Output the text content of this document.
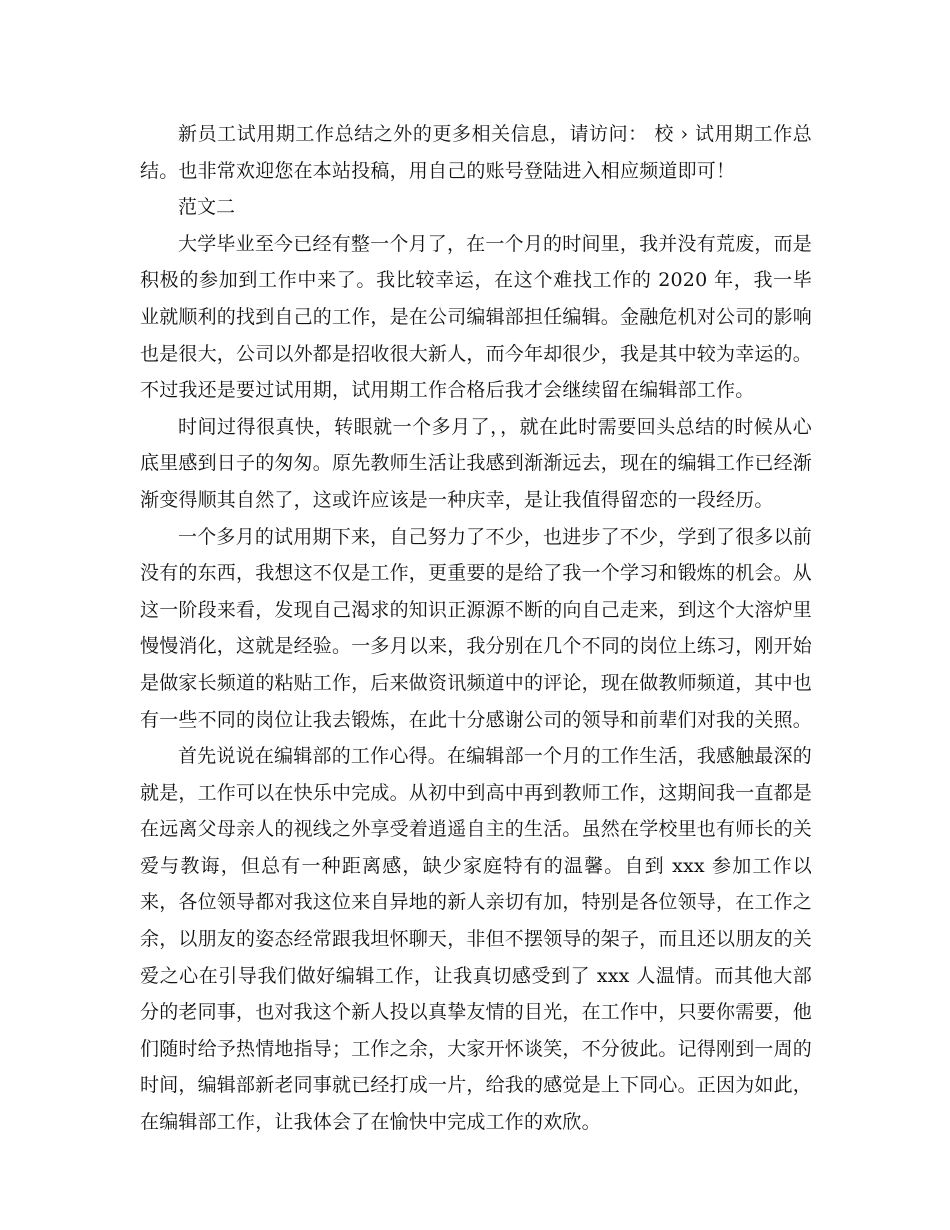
新员工试用期工作总结之外的更多相关信息，请访问： 校 › 试用期工作总结。也非常欢迎您在本站投稿，用自己的账号登陆进入相应频道即可！

范文二

大学毕业至今已经有整一个月了，在一个月的时间里，我并没有荒废，而是积极的参加到工作中来了。我比较幸运，在这个难找工作的 2020 年，我一毕业就顺利的找到自己的工作，是在公司编辑部担任编辑。金融危机对公司的影响也是很大，公司以外都是招收很大新人，而今年却很少，我是其中较为幸运的。不过我还是要过试用期，试用期工作合格后我才会继续留在编辑部工作。

时间过得很真快，转眼就一个多月了，，就在此时需要回头总结的时候从心底里感到日子的匆匆。原先教师生活让我感到渐渐远去，现在的编辑工作已经渐渐变得顺其自然了，这或许应该是一种庆幸，是让我值得留恋的一段经历。

一个多月的试用期下来，自己努力了不少，也进步了不少，学到了很多以前没有的东西，我想这不仅是工作，更重要的是给了我一个学习和锻炼的机会。从这一阶段来看，发现自己渴求的知识正源源不断的向自己走来，到这个大溶炉里慢慢消化，这就是经验。一多月以来，我分别在几个不同的岗位上练习，刚开始是做家长频道的粘贴工作，后来做资讯频道中的评论，现在做教师频道，其中也有一些不同的岗位让我去锻炼，在此十分感谢公司的领导和前辈们对我的关照。

首先说说在编辑部的工作心得。在编辑部一个月的工作生活，我感触最深的就是，工作可以在快乐中完成。从初中到高中再到教师工作，这期间我一直都是在远离父母亲人的视线之外享受着逍遥自主的生活。虽然在学校里也有师长的关爱与教诲，但总有一种距离感，缺少家庭特有的温馨。自到 xxx 参加工作以来，各位领导都对我这位来自异地的新人亲切有加，特别是各位领导，在工作之余，以朋友的姿态经常跟我坦怀聊天，非但不摆领导的架子，而且还以朋友的关爱之心在引导我们做好编辑工作，让我真切感受到了 xxx 人温情。而其他大部分的老同事，也对我这个新人投以真挚友情的目光，在工作中，只要你需要，他们随时给予热情地指导；工作之余，大家开怀谈笑，不分彼此。记得刚到一周的时间，编辑部新老同事就已经打成一片，给我的感觉是上下同心。正因为如此，在编辑部工作，让我体会了在愉快中完成工作的欢欣。
